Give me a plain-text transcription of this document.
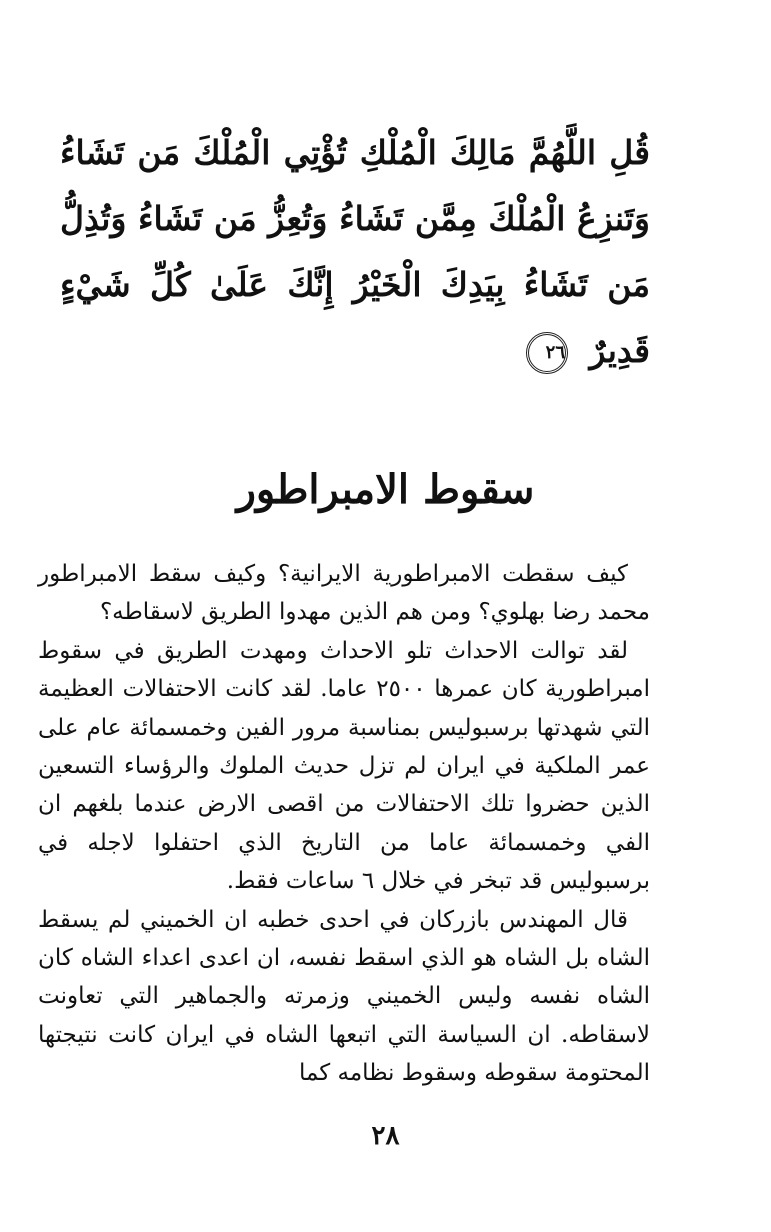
قُلِ اللَّهُمَّ مَالِكَ الْمُلْكِ تُؤْتِي الْمُلْكَ مَن تَشَاءُ وَتَنزِعُ الْمُلْكَ مِمَّن تَشَاءُ وَتُعِزُّ مَن تَشَاءُ وَتُذِلُّ مَن تَشَاءُ بِيَدِكَ الْخَيْرُ إِنَّكَ عَلَىٰ كُلِّ شَيْءٍ قَدِيرٌ ٢٦
سقوط الامبراطور

كيف سقطت الامبراطورية الايرانية؟ وكيف سقط الامبراطور محمد رضا بهلوي؟ ومن هم الذين مهدوا الطريق لاسقاطه؟

لقد توالت الاحداث تلو الاحداث ومهدت الطريق في سقوط امبراطورية كان عمرها ٢٥٠٠ عاما. لقد كانت الاحتفالات العظيمة التي شهدتها برسبوليس بمناسبة مرور الفين وخمسمائة عام على عمر الملكية في ايران لم تزل حديث الملوك والرؤساء التسعين الذين حضروا تلك الاحتفالات من اقصى الارض عندما بلغهم ان الفي وخمسمائة عاما من التاريخ الذي احتفلوا لاجله في برسبوليس قد تبخر في خلال ٦ ساعات فقط.

قال المهندس بازركان في احدى خطبه ان الخميني لم يسقط الشاه بل الشاه هو الذي اسقط نفسه، ان اعدى اعداء الشاه كان الشاه نفسه وليس الخميني وزمرته والجماهير التي تعاونت لاسقاطه. ان السياسة التي اتبعها الشاه في ايران كانت نتيجتها المحتومة سقوطه وسقوط نظامه كما

٢٨
